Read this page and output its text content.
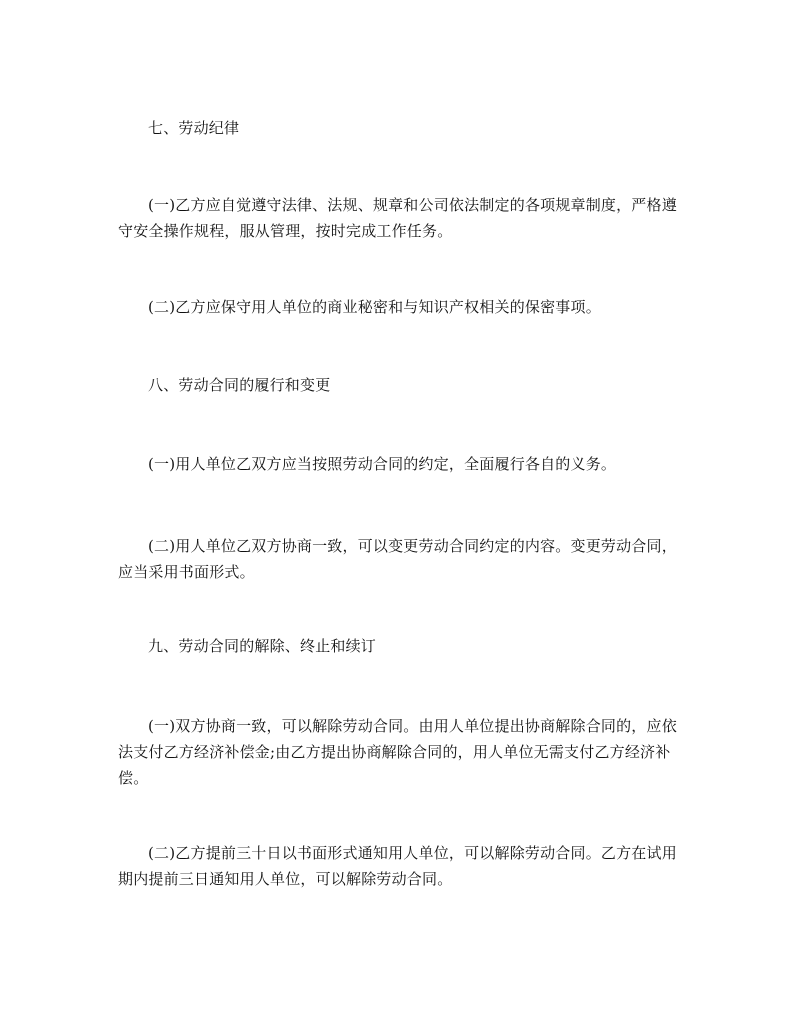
七、劳动纪律

(一)乙方应自觉遵守法律、法规、规章和公司依法制定的各项规章制度，严格遵守安全操作规程，服从管理，按时完成工作任务。

(二)乙方应保守用人单位的商业秘密和与知识产权相关的保密事项。

八、劳动合同的履行和变更

(一)用人单位乙双方应当按照劳动合同的约定，全面履行各自的义务。

(二)用人单位乙双方协商一致，可以变更劳动合同约定的内容。变更劳动合同，应当采用书面形式。

九、劳动合同的解除、终止和续订

(一)双方协商一致，可以解除劳动合同。由用人单位提出协商解除合同的，应依法支付乙方经济补偿金;由乙方提出协商解除合同的，用人单位无需支付乙方经济补偿。

(二)乙方提前三十日以书面形式通知用人单位，可以解除劳动合同。乙方在试用期内提前三日通知用人单位，可以解除劳动合同。
